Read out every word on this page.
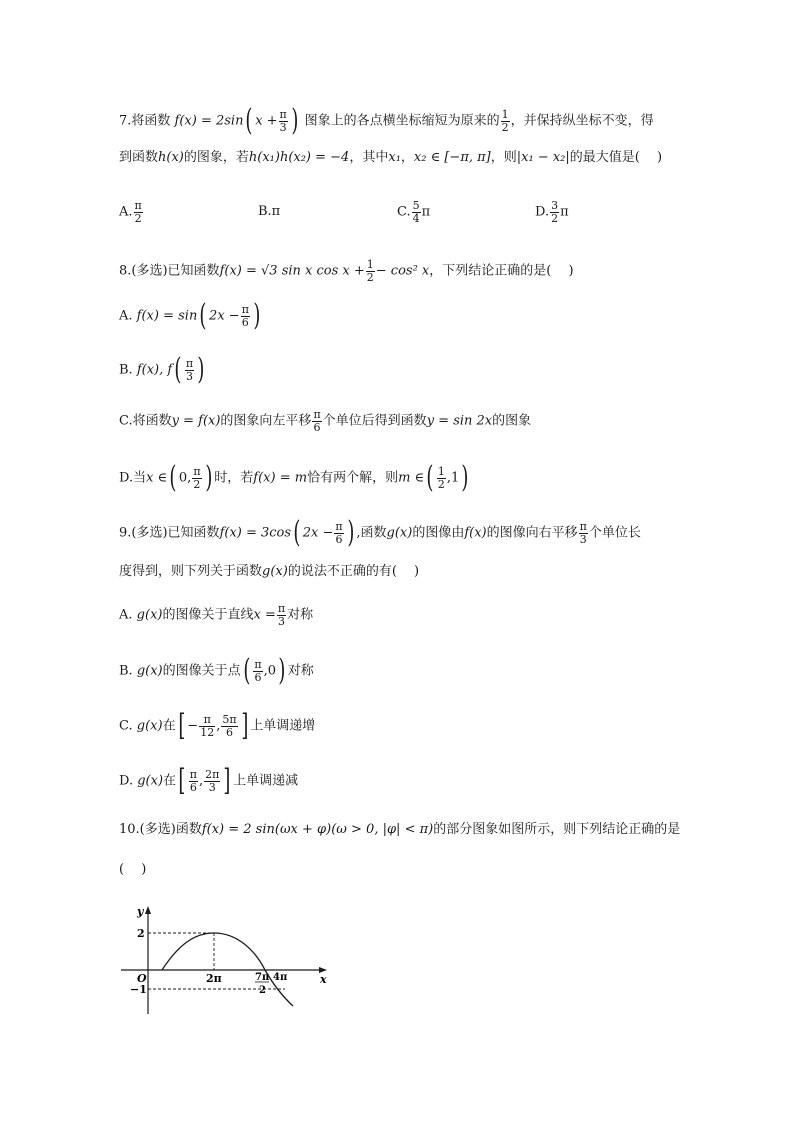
7.将函数 f(x) = 2sin( $x + \frac{\pi}{3}$ ) 图象上的各点横坐标缩短为原来的 $\frac{1}{2}$ ，并保持纵坐标不变，得
到函数h(x)的图象，若h(x₁)h(x₂) = −4，其中x₁，x₂ ∈ [−π, π]，则|x₁ − x₂|的最大值是(　 )
A. $\frac{\pi}{2}$	B.π	C. $\frac{5}{4}$ π	D. $\frac{3}{2}$ π
8.(多选)已知函数f(x) = √3 sin x $\cos x + \frac{1}{2} - \cos^2$ x，下列结论正确的是(　 )
A. f(x) = sin( $2x - \frac{\pi}{6}$ )
B. f(x), $f( \frac{\pi}{3}$ )
C.将函数y = f(x)的图象向左平移 $\frac{\pi}{6}$ 个单位后得到函数y = sin 2x的图象
D.当x ∈( 0, $\frac{\pi}{2}$ ) 时，若f(x) = m恰有两个解，则m ∈( $\frac{1}{2} ,1$)
9.(多选)已知函数f(x) = 3cos( $2x - \frac{\pi}{6}$ ) ,函数g(x)的图像由f(x)的图像向右平移 $\frac{\pi}{3}$ 个单位长
度得到，则下列关于函数g(x)的说法不正确的有(　 )
A. g(x)的图像关于直线$x = \frac{\pi}{3}$ 对称
B. g(x)的图像关于点( $\frac{\pi}{6} ,0$) 对称
C. g(x)在[ − $\frac{\pi}{12}$ , $\frac{5\pi}{6}$ ] 上单调递增
D. g(x)在[ $\frac{\pi}{6}$ , $\frac{2\pi}{3}$ ] 上单调递减
10.(多选)函数f(x) = 2 sin(ωx + φ)(ω > 0, |φ| < π)的部分图象如图所示，则下列结论正确的是
(　 )
y
x
O
2
−1
2π	7π
2
4π
